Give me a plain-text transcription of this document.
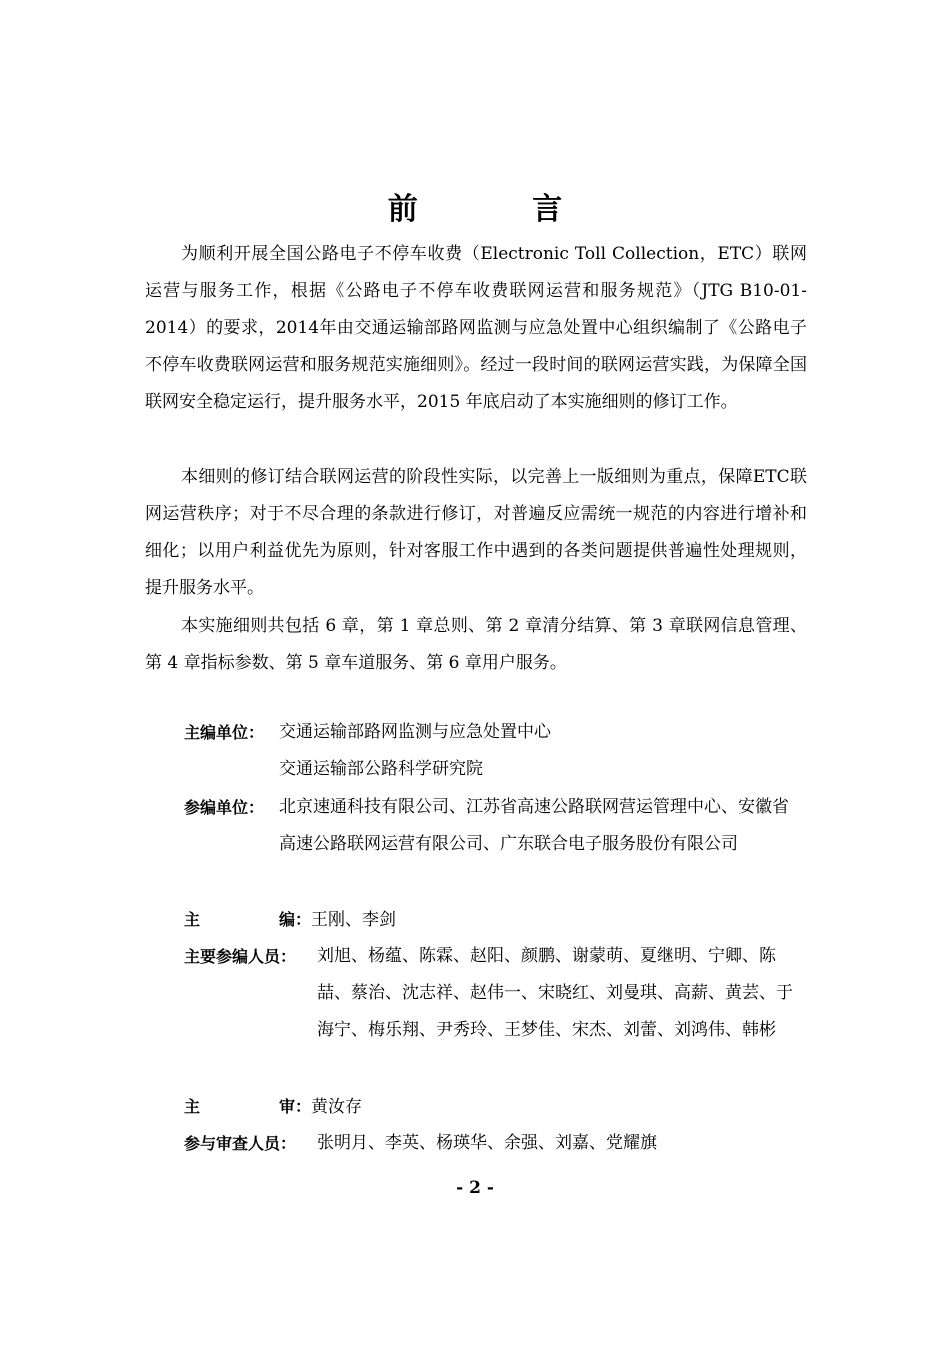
前 言

为顺利开展全国公路电子不停车收费（Electronic Toll Collection，ETC）联网运营与服务工作，根据《公路电子不停车收费联网运营和服务规范》（JTG B10-01-2014）的要求，2014年由交通运输部路网监测与应急处置中心组织编制了《公路电子不停车收费联网运营和服务规范实施细则》。经过一段时间的联网运营实践，为保障全国联网安全稳定运行，提升服务水平，2015 年底启动了本实施细则的修订工作。

本细则的修订结合联网运营的阶段性实际，以完善上一版细则为重点，保障ETC联网运营秩序；对于不尽合理的条款进行修订，对普遍反应需统一规范的内容进行增补和细化；以用户利益优先为原则，针对客服工作中遇到的各类问题提供普遍性处理规则，提升服务水平。

本实施细则共包括 6 章，第 1 章总则、第 2 章清分结算、第 3 章联网信息管理、第 4 章指标参数、第 5 章车道服务、第 6 章用户服务。

主编单位： 交通运输部路网监测与应急处置中心
交通运输部公路科学研究院
参编单位： 北京速通科技有限公司、江苏省高速公路联网营运管理中心、安徽省高速公路联网运营有限公司、广东联合电子服务股份有限公司
主	编：王刚、李剑
主要参编人员： 刘旭、杨蕴、陈霖、赵阳、颜鹏、谢蒙萌、夏继明、宁卿、陈喆、蔡治、沈志祥、赵伟一、宋晓红、刘曼琪、高薪、黄芸、于海宁、梅乐翔、尹秀玲、王梦佳、宋杰、刘蕾、刘鸿伟、韩彬
主	审：黄汝存
参与审查人员： 张明月、李英、杨瑛华、余强、刘嘉、党耀旗
- 2 -
